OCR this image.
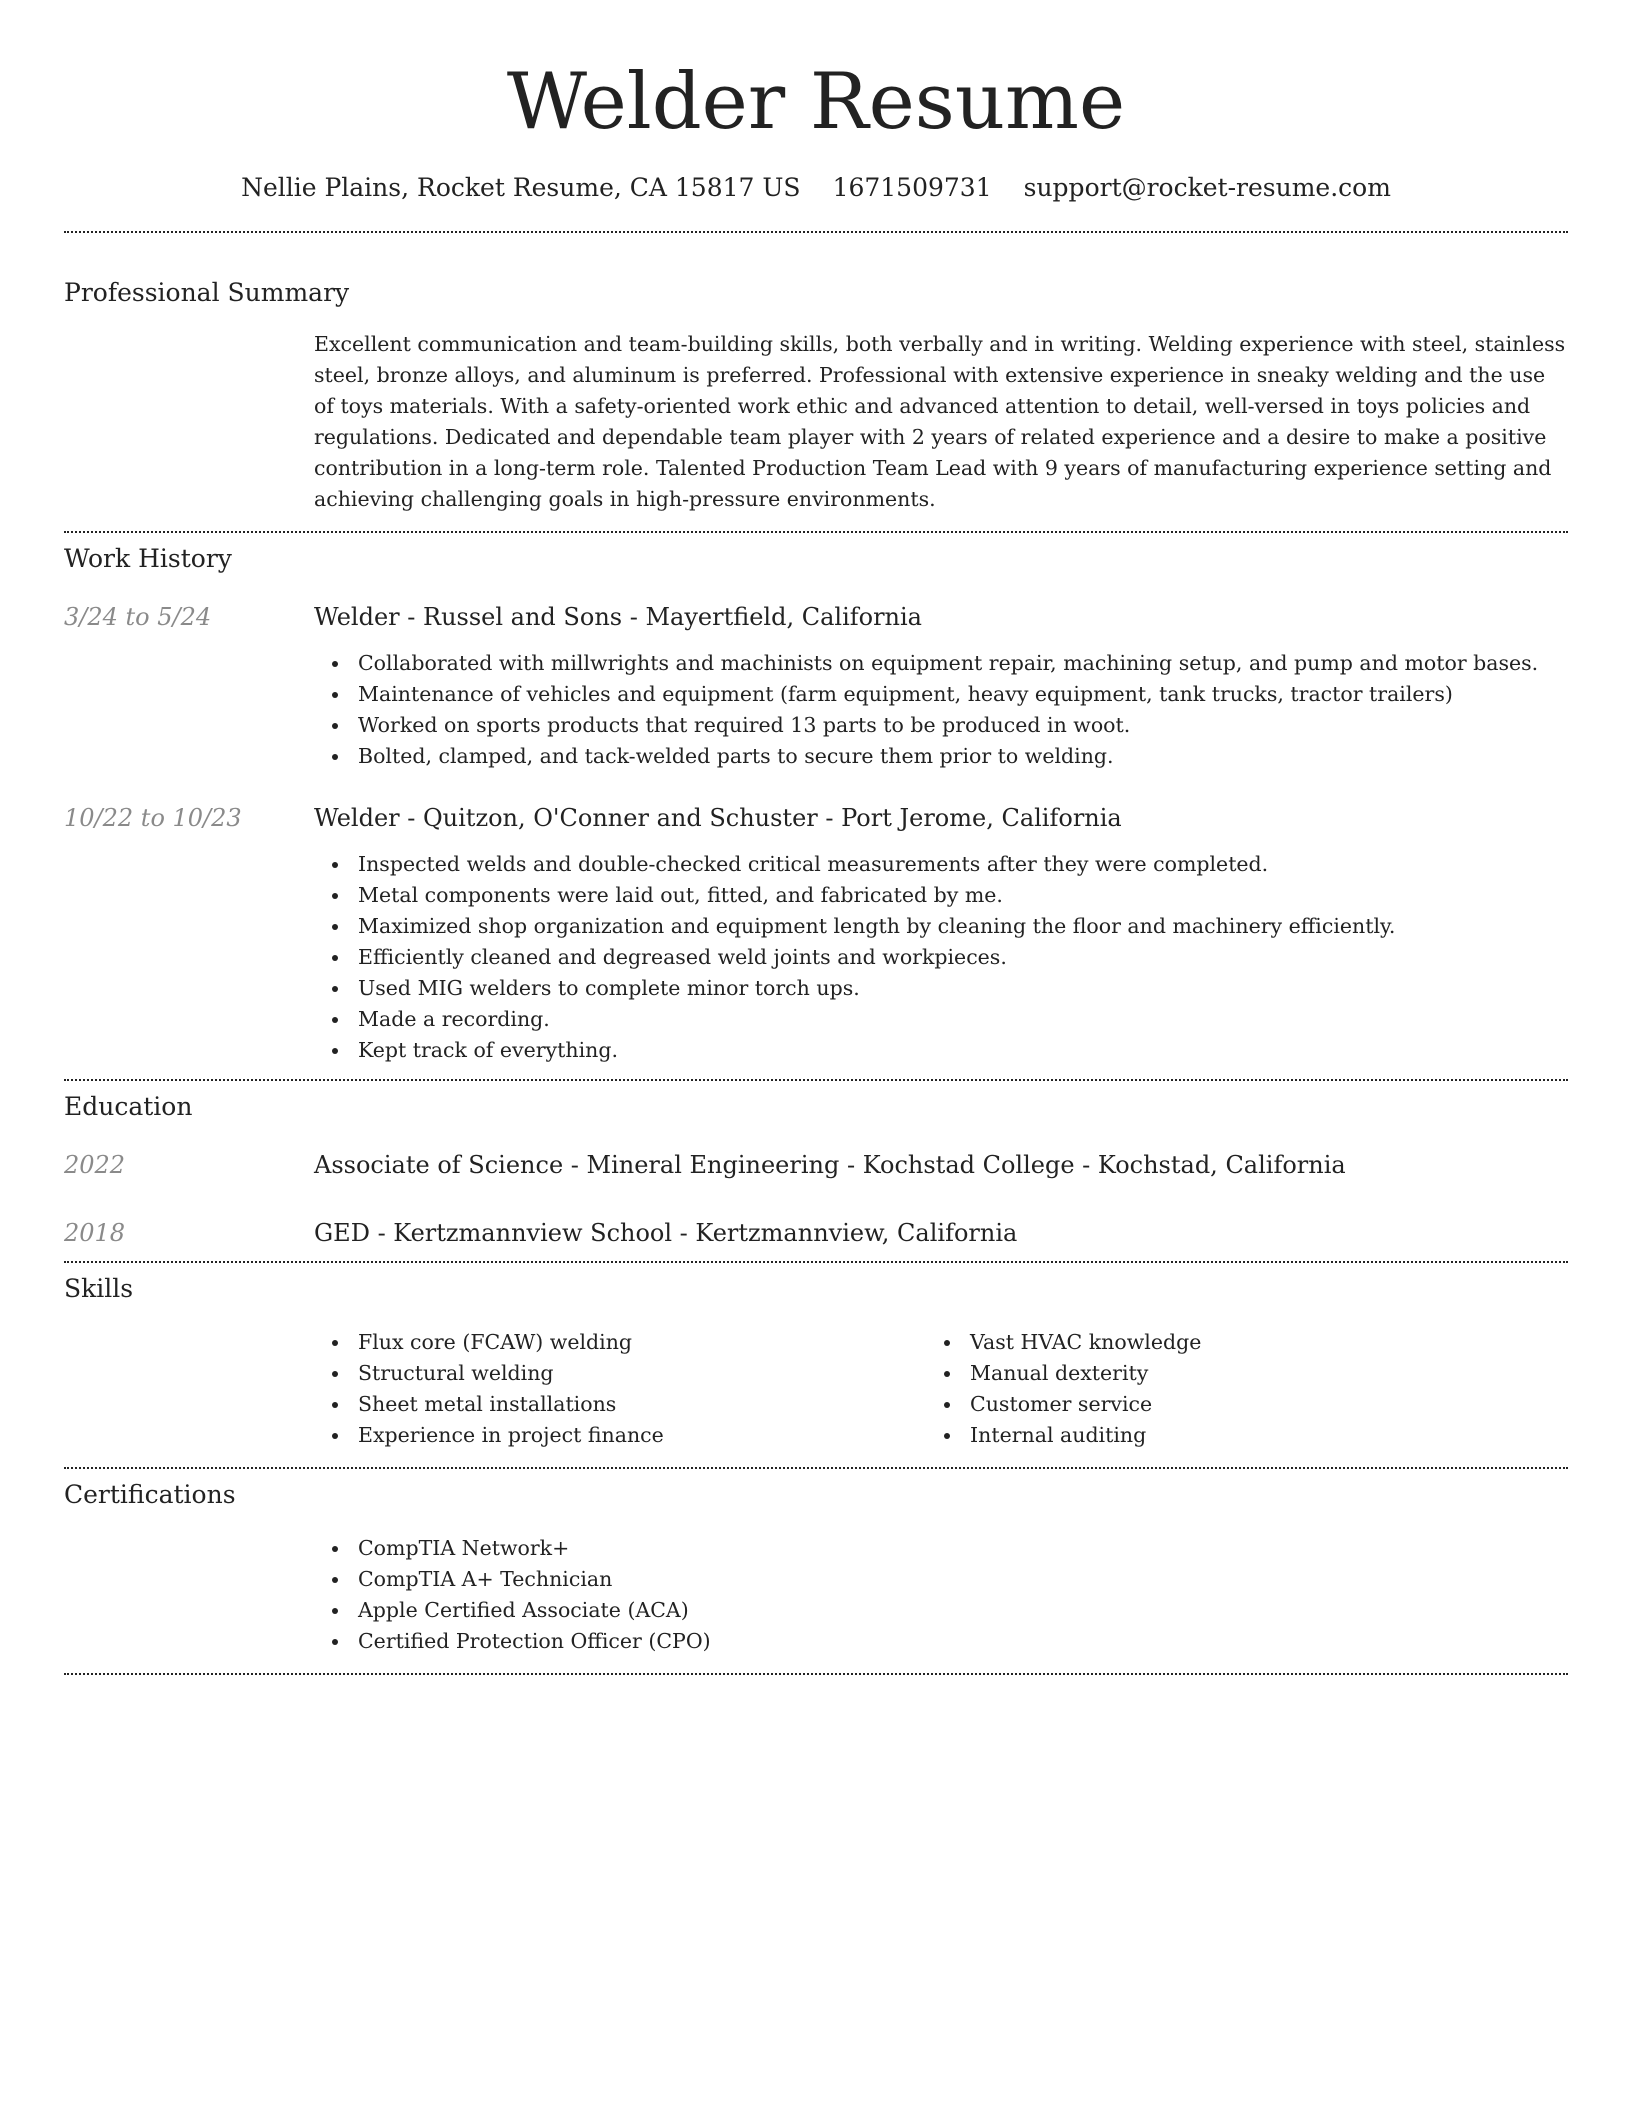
Welder Resume
Nellie Plains, Rocket Resume, CA 15817 US 1671509731 support@rocket-resume.com
Professional Summary
Excellent communication and team-building skills, both verbally and in writing. Welding experience with steel, stainless steel, bronze alloys, and aluminum is preferred. Professional with extensive experience in sneaky welding and the use of toys materials. With a safety-oriented work ethic and advanced attention to detail, well-versed in toys policies and regulations. Dedicated and dependable team player with 2 years of related experience and a desire to make a positive contribution in a long-term role. Talented Production Team Lead with 9 years of manufacturing experience setting and achieving challenging goals in high-pressure environments.
Work History
3/24 to 5/24	Welder - Russel and Sons - Mayertfield, California
Collaborated with millwrights and machinists on equipment repair, machining setup, and pump and motor bases.
Maintenance of vehicles and equipment (farm equipment, heavy equipment, tank trucks, tractor trailers)
Worked on sports products that required 13 parts to be produced in woot.
Bolted, clamped, and tack-welded parts to secure them prior to welding.
10/22 to 10/23	Welder - Quitzon, O'Conner and Schuster - Port Jerome, California
Inspected welds and double-checked critical measurements after they were completed.
Metal components were laid out, fitted, and fabricated by me.
Maximized shop organization and equipment length by cleaning the floor and machinery efficiently.
Efficiently cleaned and degreased weld joints and workpieces.
Used MIG welders to complete minor torch ups.
Made a recording.
Kept track of everything.
Education
2022	Associate of Science - Mineral Engineering - Kochstad College - Kochstad, California
2018	GED - Kertzmannview School - Kertzmannview, California
Skills
Flux core (FCAW) welding
Structural welding
Sheet metal installations
Experience in project finance
Vast HVAC knowledge
Manual dexterity
Customer service
Internal auditing
Certifications
CompTIA Network+
CompTIA A+ Technician
Apple Certified Associate (ACA)
Certified Protection Officer (CPO)
